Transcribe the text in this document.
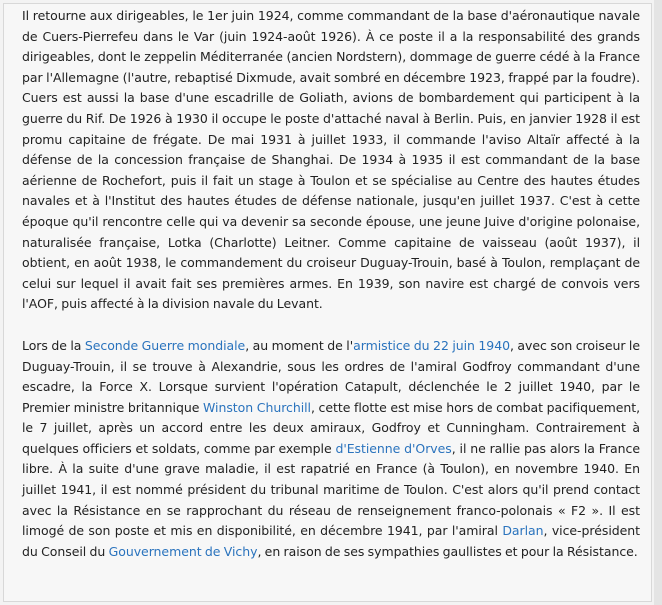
Il retourne aux dirigeables, le 1er juin 1924, comme commandant de la base d'aéronautique navale de Cuers-Pierrefeu dans le Var (juin 1924-août 1926). À ce poste il a la responsabilité des grands dirigeables, dont le zeppelin Méditerranée (ancien Nordstern), dommage de guerre cédé à la France par l'Allemagne (l'autre, rebaptisé Dixmude, avait sombré en décembre 1923, frappé par la foudre). Cuers est aussi la base d'une escadrille de Goliath, avions de bombardement qui participent à la guerre du Rif. De 1926 à 1930 il occupe le poste d'attaché naval à Berlin. Puis, en janvier 1928 il est promu capitaine de frégate. De mai 1931 à juillet 1933, il commande l'aviso Altaïr affecté à la défense de la concession française de Shanghai. De 1934 à 1935 il est commandant de la base aérienne de Rochefort, puis il fait un stage à Toulon et se spécialise au Centre des hautes études navales et à l'Institut des hautes études de défense nationale, jusqu'en juillet 1937. C'est à cette époque qu'il rencontre celle qui va devenir sa seconde épouse, une jeune Juive d'origine polonaise, naturalisée française, Lotka (Charlotte) Leitner. Comme capitaine de vaisseau (août 1937), il obtient, en août 1938, le commandement du croiseur Duguay-Trouin, basé à Toulon, remplaçant de celui sur lequel il avait fait ses premières armes. En 1939, son navire est chargé de convois vers l'AOF, puis affecté à la division navale du Levant.

Lors de la Seconde Guerre mondiale, au moment de l'armistice du 22 juin 1940, avec son croiseur le Duguay-Trouin, il se trouve à Alexandrie, sous les ordres de l'amiral Godfroy commandant d'une escadre, la Force X. Lorsque survient l'opération Catapult, déclenchée le 2 juillet 1940, par le Premier ministre britannique Winston Churchill, cette flotte est mise hors de combat pacifiquement, le 7 juillet, après un accord entre les deux amiraux, Godfroy et Cunningham. Contrairement à quelques officiers et soldats, comme par exemple d'Estienne d'Orves, il ne rallie pas alors la France libre. À la suite d'une grave maladie, il est rapatrié en France (à Toulon), en novembre 1940. En juillet 1941, il est nommé président du tribunal maritime de Toulon. C'est alors qu'il prend contact avec la Résistance en se rapprochant du réseau de renseignement franco-polonais « F2 ». Il est limogé de son poste et mis en disponibilité, en décembre 1941, par l'amiral Darlan, vice-président du Conseil du Gouvernement de Vichy, en raison de ses sympathies gaullistes et pour la Résistance.
